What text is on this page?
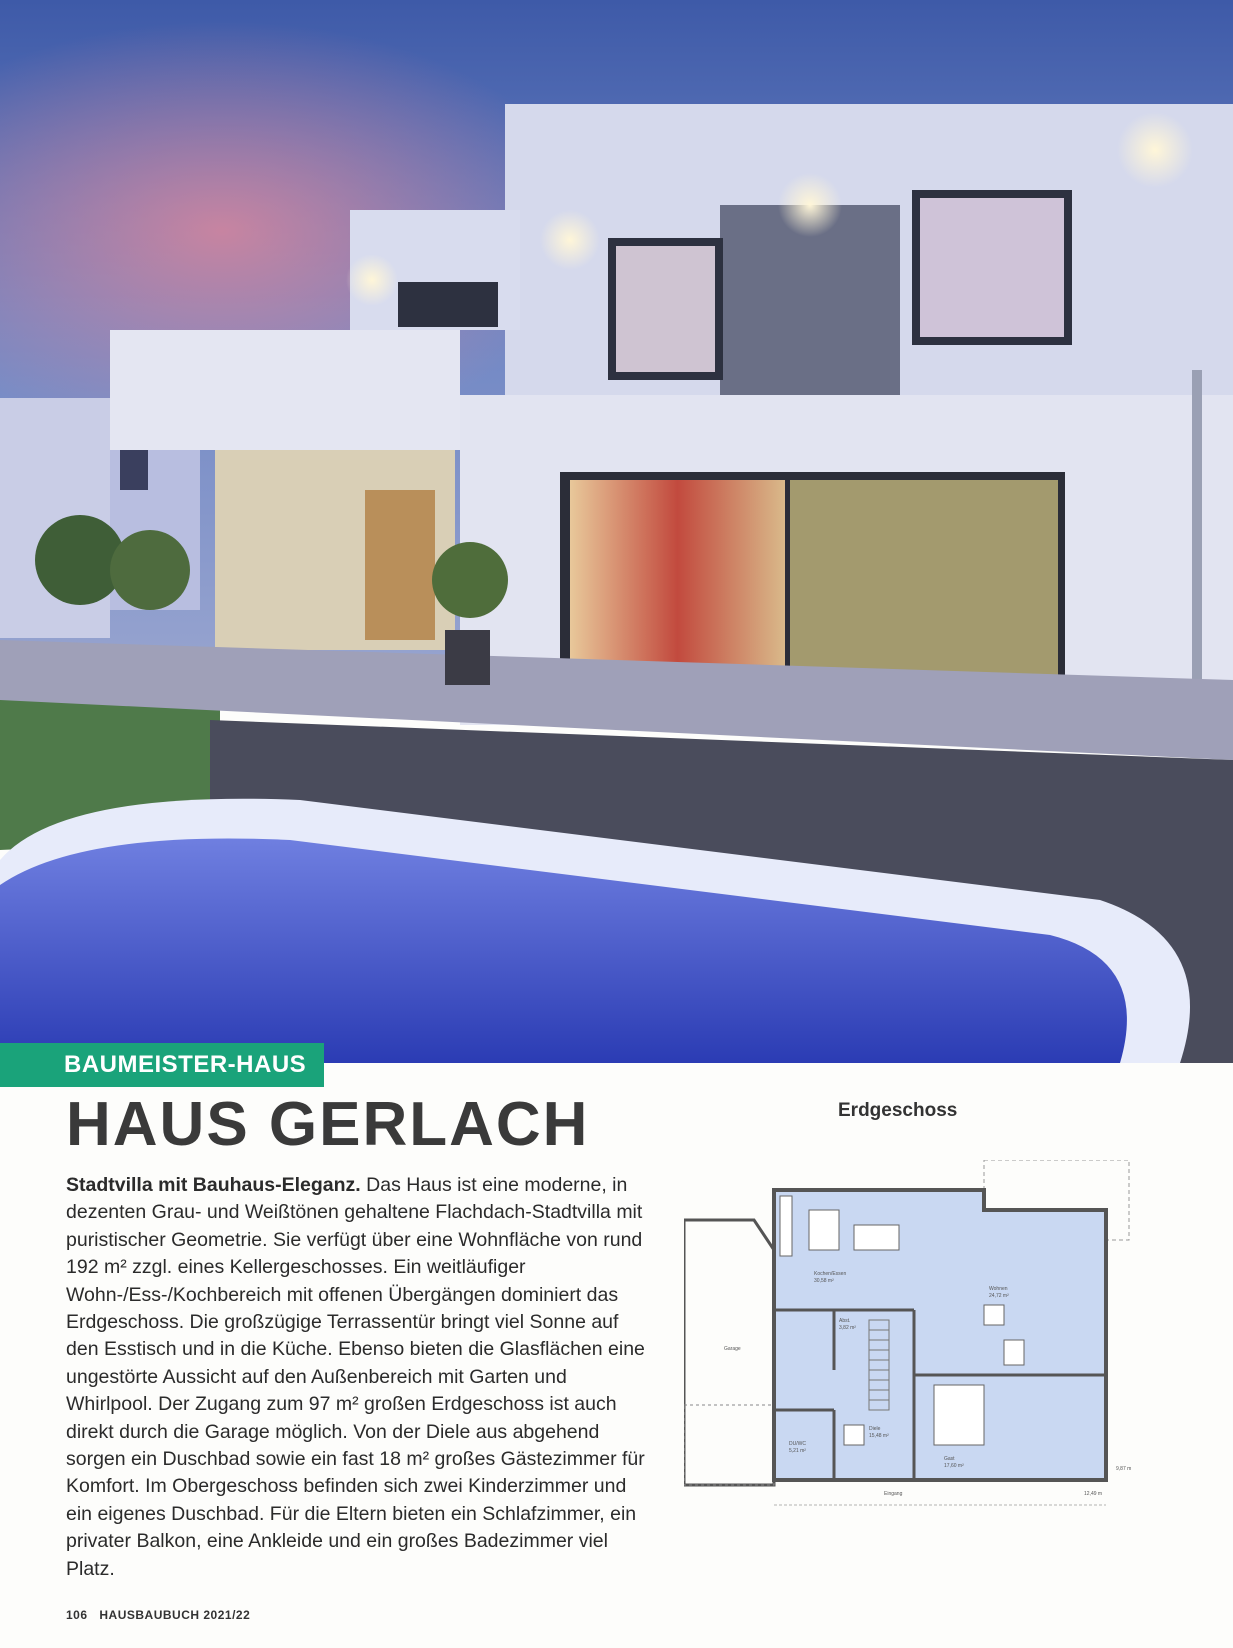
BAUMEISTER-HAUS
HAUS GERLACH

Stadtvilla mit Bauhaus-Eleganz. Das Haus ist eine moderne, in dezenten Grau- und Weißtönen gehaltene Flachdach-Stadtvilla mit puristischer Geometrie. Sie verfügt über eine Wohnfläche von rund 192 m² zzgl. eines Kellergeschosses. Ein weitläufiger Wohn-/Ess-/Kochbereich mit offenen Übergängen dominiert das Erdgeschoss. Die großzügige Terrassentür bringt viel Sonne auf den Esstisch und in die Küche. Ebenso bieten die Glasflächen eine ungestörte Aussicht auf den Außenbereich mit Garten und Whirlpool. Der Zugang zum 97 m² großen Erdgeschoss ist auch direkt durch die Garage möglich. Von der Diele aus abgehend sorgen ein Duschbad sowie ein fast 18 m² großes Gästezimmer für Komfort. Im Obergeschoss befinden sich zwei Kinderzimmer und ein eigenes Duschbad. Für die Eltern bieten ein Schlafzimmer, ein privater Balkon, eine Ankleide und ein großes Badezimmer viel Platz.

Erdgeschoss
Garage
Kochen/Essen
30,58 m²
Wohnen
24,72 m²
Abst.
3,82 m²
Diele
15,48 m²
DU/WC
5,21 m²
Gast
17,60 m²
Eingang	12,49 m
9,87 m
106 HAUSBAUBUCH 2021/22
